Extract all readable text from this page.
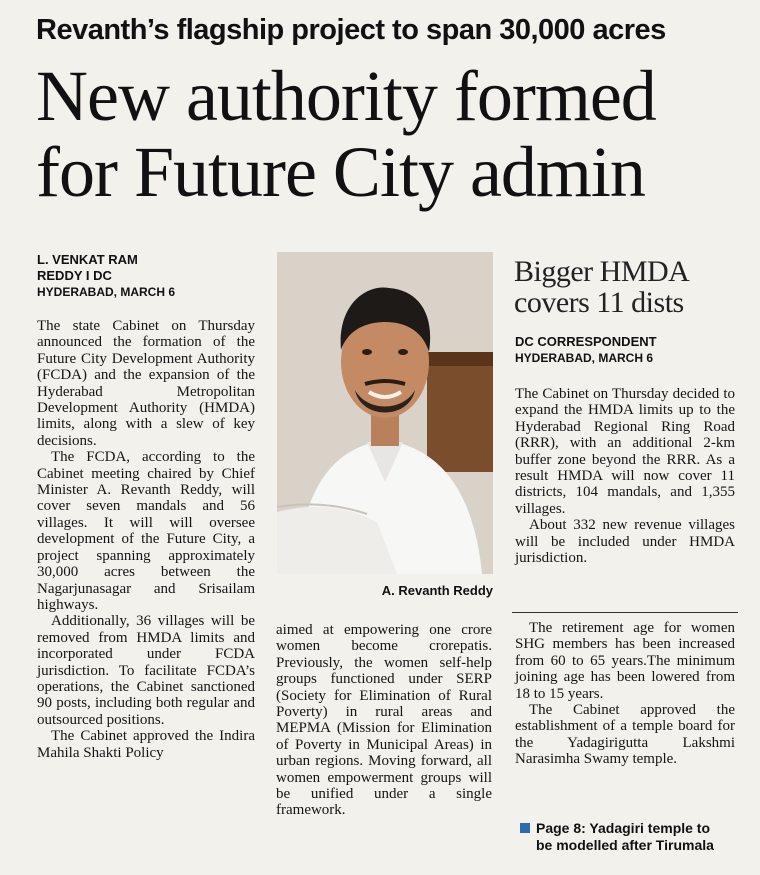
Revanth’s flagship project to span 30,000 acres
New authority formed
for Future City admin
L. VENKAT RAM
REDDY I DC
HYDERABAD, MARCH 6

The state Cabinet on Thursday announced the formation of the Future City Development Authority (FCDA) and the expansion of the Hyderabad Metropolitan Development Authority (HMDA) limits, along with a slew of key decisions.

The FCDA, according to the Cabinet meeting chaired by Chief Minister A. Revanth Reddy, will cover seven mandals and 56 villages. It will will oversee development of the Future City, a project spanning approximately 30,000 acres between the Nagarjunasagar and Srisailam highways.

Additionally, 36 villages will be removed from HMDA limits and incorporated under FCDA jurisdiction. To facilitate FCDA’s operations, the Cabinet sanctioned 90 posts, including both regular and outsourced positions.

The Cabinet approved the Indira Mahila Shakti Policy

A. Revanth Reddy

aimed at empowering one crore women become crorepatis. Previously, the women self-help groups functioned under SERP (Society for Elimination of Rural Poverty) in rural areas and MEPMA (Mission for Elimination of Poverty in Municipal Areas) in urban regions. Moving forward, all women empowerment groups will be unified under a single framework.

Bigger HMDA
covers 11 dists
DC CORRESPONDENT
HYDERABAD, MARCH 6

The Cabinet on Thursday decided to expand the HMDA limits up to the Hyderabad Regional Ring Road (RRR), with an additional 2-km buffer zone beyond the RRR. As a result HMDA will now cover 11 districts, 104 mandals, and 1,355 villages.

About 332 new revenue villages will be included under HMDA jurisdiction.

The retirement age for women SHG members has been increased from 60 to 65 years.The minimum joining age has been lowered from 18 to 15 years.

The Cabinet approved the establishment of a temple board for the Yadagirigutta Lakshmi Narasimha Swamy temple.

Page 8: Yadagiri temple to
be modelled after Tirumala
